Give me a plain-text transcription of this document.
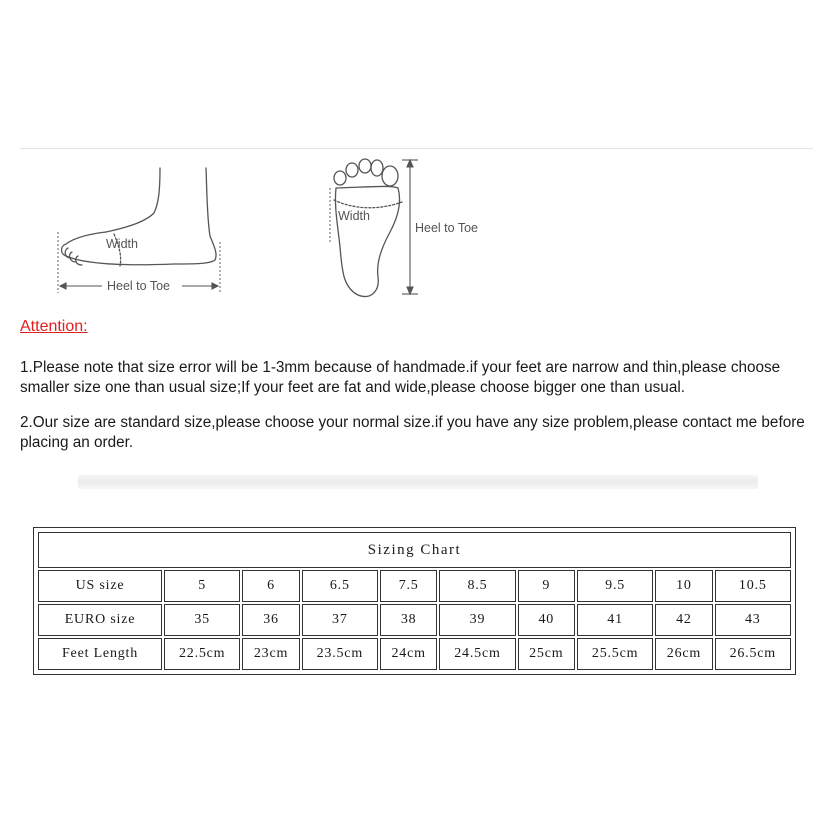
Width
Heel to Toe
Width
Heel to Toe
Attention:
1.Please note that size error will be 1-3mm because of handmade.if your feet are narrow and thin,please choose smaller size one than usual size;If your feet are fat and wide,please choose bigger one than usual.
2.Our size are standard size,please choose your normal size.if you have any size problem,please contact me before placing an order.
Sizing Chart									
US size	5	6	6.5	7.5	8.5	9	9.5	10	10.5
EURO size	35	36	37	38	39	40	41	42	43
Feet Length	22.5cm	23cm	23.5cm	24cm	24.5cm	25cm	25.5cm	26cm	26.5cm
